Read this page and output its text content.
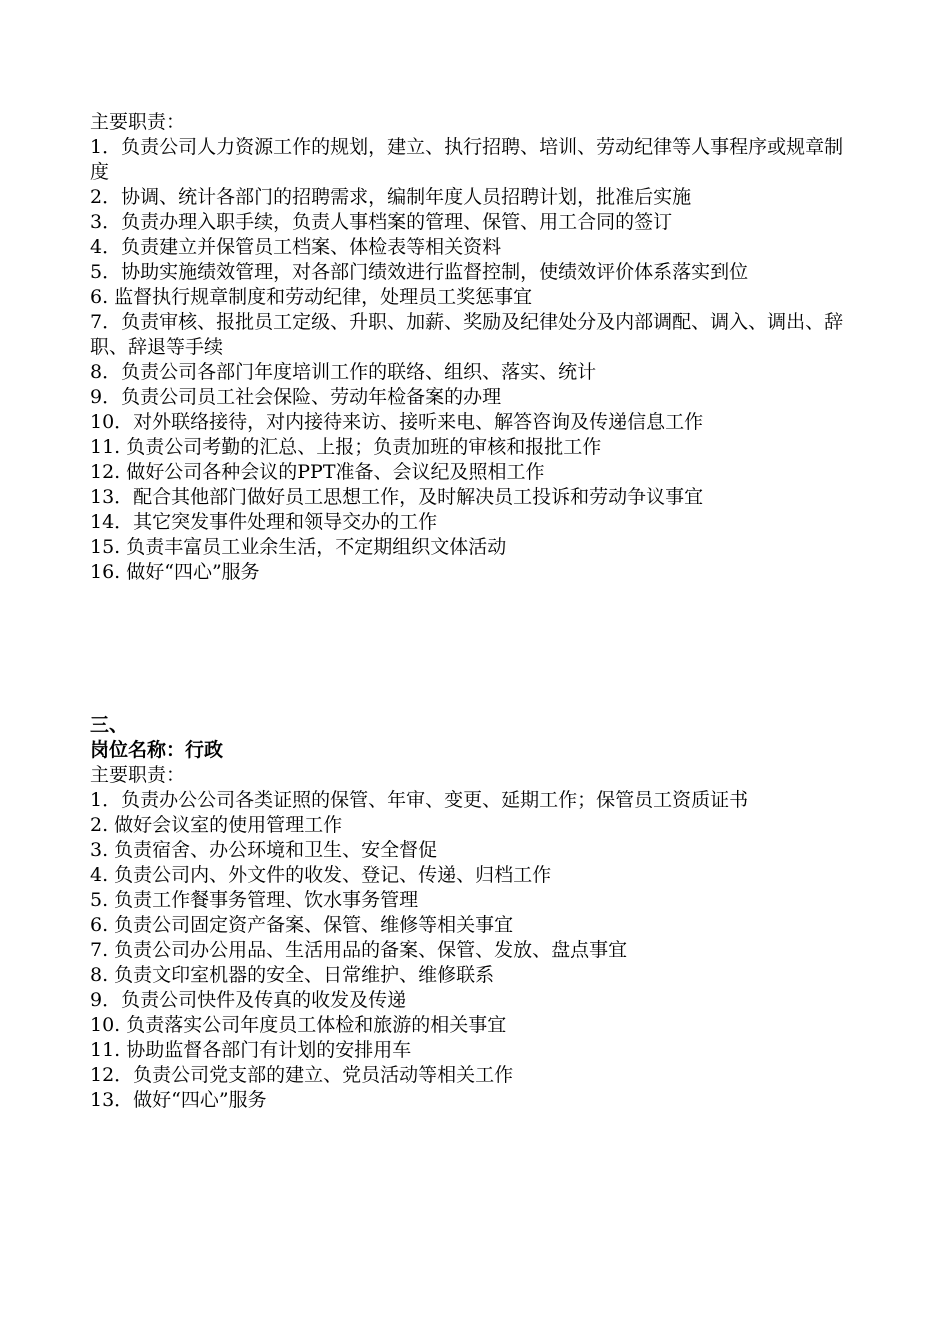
主要职责：
1．负责公司人力资源工作的规划，建立、执行招聘、培训、劳动纪律等人事程序或规章制度
2．协调、统计各部门的招聘需求，编制年度人员招聘计划，批准后实施
3．负责办理入职手续，负责人事档案的管理、保管、用工合同的签订
4．负责建立并保管员工档案、体检表等相关资料
5．协助实施绩效管理，对各部门绩效进行监督控制，使绩效评价体系落实到位
6. 监督执行规章制度和劳动纪律，处理员工奖惩事宜
7．负责审核、报批员工定级、升职、加薪、奖励及纪律处分及内部调配、调入、调出、辞职、辞退等手续
8．负责公司各部门年度培训工作的联络、组织、落实、统计
9．负责公司员工社会保险、劳动年检备案的办理
10．对外联络接待，对内接待来访、接听来电、解答咨询及传递信息工作
11. 负责公司考勤的汇总、上报；负责加班的审核和报批工作
12. 做好公司各种会议的PPT准备、会议纪及照相工作
13．配合其他部门做好员工思想工作，及时解决员工投诉和劳动争议事宜
14．其它突发事件处理和领导交办的工作
15. 负责丰富员工业余生活，不定期组织文体活动
16. 做好“四心”服务
三、
岗位名称：行政
主要职责：
1．负责办公公司各类证照的保管、年审、变更、延期工作；保管员工资质证书
2. 做好会议室的使用管理工作
3. 负责宿舍、办公环境和卫生、安全督促
4. 负责公司内、外文件的收发、登记、传递、归档工作
5. 负责工作餐事务管理、饮水事务管理
6. 负责公司固定资产备案、保管、维修等相关事宜
7. 负责公司办公用品、生活用品的备案、保管、发放、盘点事宜
8. 负责文印室机器的安全、日常维护、维修联系
9．负责公司快件及传真的收发及传递
10. 负责落实公司年度员工体检和旅游的相关事宜
11. 协助监督各部门有计划的安排用车
12．负责公司党支部的建立、党员活动等相关工作
13．做好“四心”服务
